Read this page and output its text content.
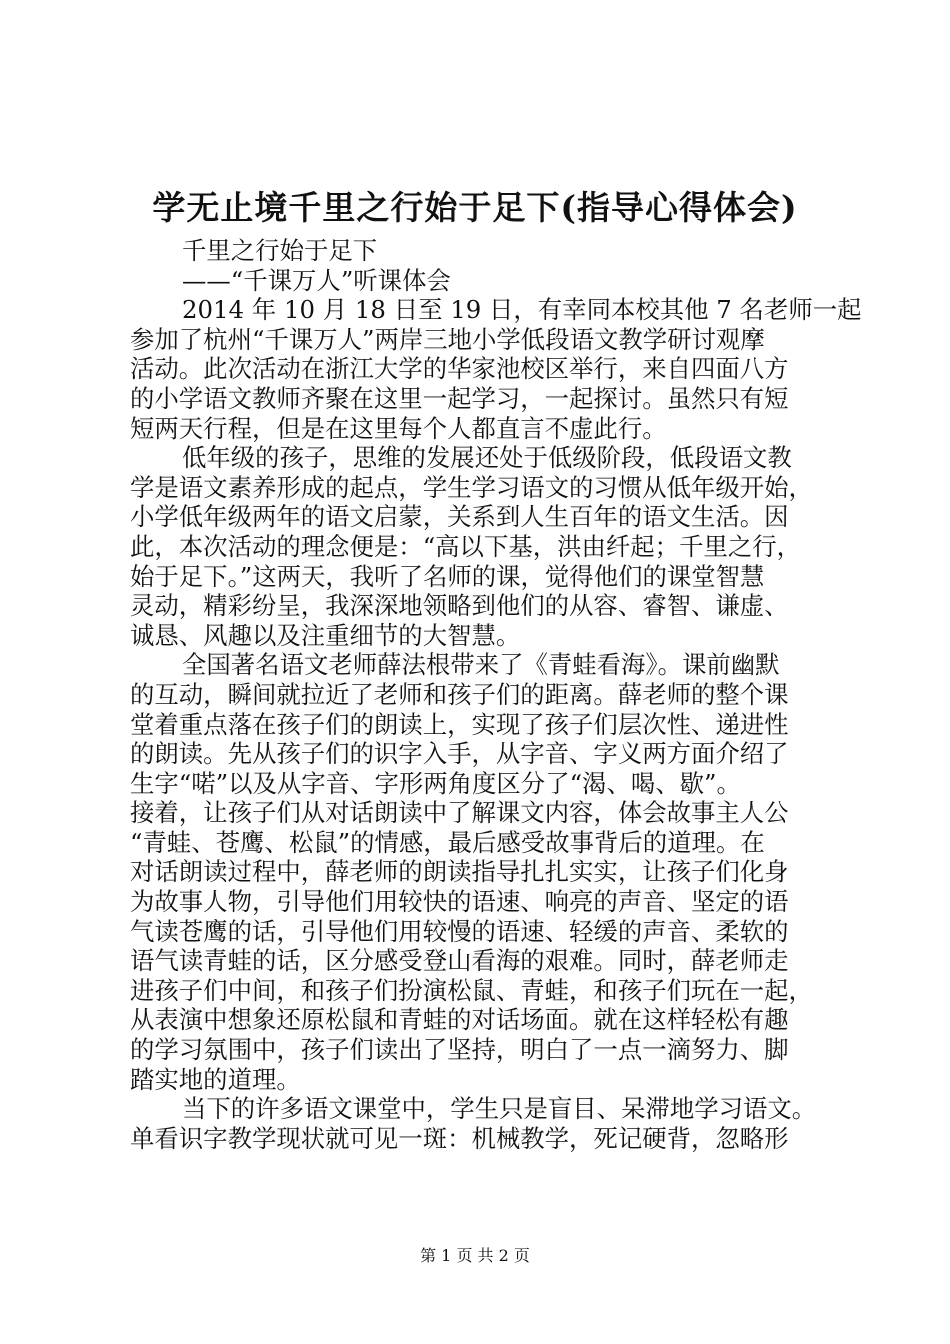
学无止境千里之行始于足下(指导心得体会)
千里之行始于足下
——“千课万人”听课体会
2014 年 10 月 18 日至 19 日，有幸同本校其他 7 名老师一起
参加了杭州“千课万人”两岸三地小学低段语文教学研讨观摩
活动。此次活动在浙江大学的华家池校区举行，来自四面八方
的小学语文教师齐聚在这里一起学习，一起探讨。虽然只有短
短两天行程，但是在这里每个人都直言不虚此行。
低年级的孩子，思维的发展还处于低级阶段，低段语文教
学是语文素养形成的起点，学生学习语文的习惯从低年级开始，
小学低年级两年的语文启蒙，关系到人生百年的语文生活。因
此，本次活动的理念便是：“高以下基，洪由纤起；千里之行，
始于足下。”这两天，我听了名师的课，觉得他们的课堂智慧
灵动，精彩纷呈，我深深地领略到他们的从容、睿智、谦虚、
诚恳、风趣以及注重细节的大智慧。
全国著名语文老师薛法根带来了《青蛙看海》。课前幽默
的互动，瞬间就拉近了老师和孩子们的距离。薛老师的整个课
堂着重点落在孩子们的朗读上，实现了孩子们层次性、递进性
的朗读。先从孩子们的识字入手，从字音、字义两方面介绍了
生字“喏”以及从字音、字形两角度区分了“渴、喝、歇”。
接着，让孩子们从对话朗读中了解课文内容，体会故事主人公
“青蛙、苍鹰、松鼠”的情感，最后感受故事背后的道理。在
对话朗读过程中，薛老师的朗读指导扎扎实实，让孩子们化身
为故事人物，引导他们用较快的语速、响亮的声音、坚定的语
气读苍鹰的话，引导他们用较慢的语速、轻缓的声音、柔软的
语气读青蛙的话，区分感受登山看海的艰难。同时，薛老师走
进孩子们中间，和孩子们扮演松鼠、青蛙，和孩子们玩在一起，
从表演中想象还原松鼠和青蛙的对话场面。就在这样轻松有趣
的学习氛围中，孩子们读出了坚持，明白了一点一滴努力、脚
踏实地的道理。
当下的许多语文课堂中，学生只是盲目、呆滞地学习语文。
单看识字教学现状就可见一斑：机械教学，死记硬背，忽略形
第 1 页 共 2 页
